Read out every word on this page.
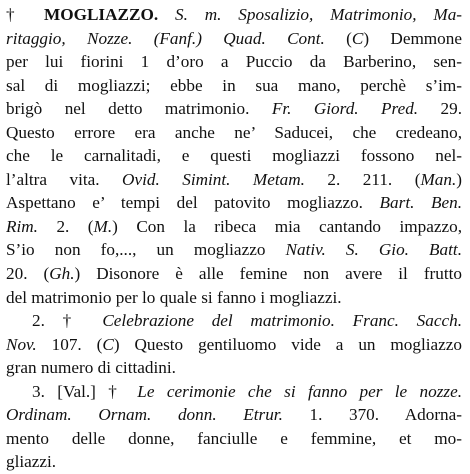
† MOGLIAZZO. S. m. Sposalizio, Matrimonio, Ma-
ritaggio, Nozze. (Fanf.) Quad. Cont. (C) Demmone
per lui fiorini 1 d’oro a Puccio da Barberino, sen-
sal di mogliazzi; ebbe in sua mano, perchè s’im-
brigò nel detto matrimonio. Fr. Giord. Pred. 29.
Questo errore era anche ne’ Saducei, che credeano,
che le carnalitadi, e questi mogliazzi fossono nel-
l’altra vita. Ovid. Simint. Metam. 2. 211. (Man.)
Aspettano e’ tempi del patovito mogliazzo. Bart. Ben.
Rim. 2. (M.) Con la ribeca mia cantando impazzo,
S’io non fo,..., un mogliazzo Nativ. S. Gio. Batt.
20. (Gh.) Disonore è alle femine non avere il frutto
del matrimonio per lo quale si fanno i mogliazzi.
2. † Celebrazione del matrimonio. Franc. Sacch.
Nov. 107. (C) Questo gentiluomo vide a un mogliazzo
gran numero di cittadini.
3. [Val.] † Le cerimonie che si fanno per le nozze.
Ordinam. Ornam. donn. Etrur. 1. 370. Adorna-
mento delle donne, fanciulle e femmine, et mo-
gliazzi.
